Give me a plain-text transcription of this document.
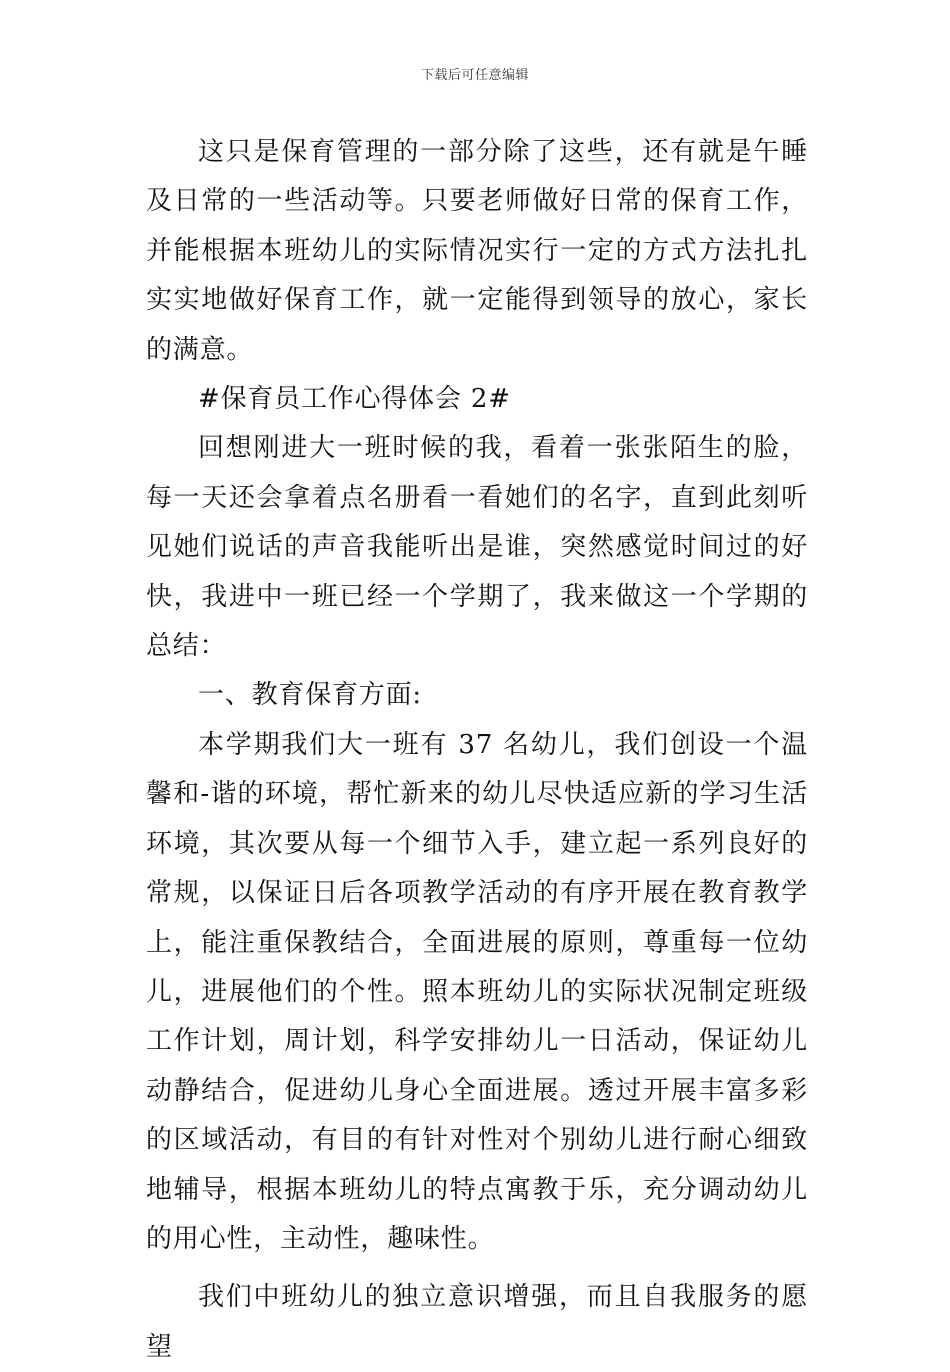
下载后可任意编辑

这只是保育管理的一部分除了这些，还有就是午睡及日常的一些活动等。只要老师做好日常的保育工作，并能根据本班幼儿的实际情况实行一定的方式方法扎扎实实地做好保育工作，就一定能得到领导的放心，家长的满意。

#保育员工作心得体会 2#

回想刚进大一班时候的我，看着一张张陌生的脸，每一天还会拿着点名册看一看她们的名字，直到此刻听见她们说话的声音我能听出是谁，突然感觉时间过的好快，我进中一班已经一个学期了，我来做这一个学期的总结：

一、教育保育方面:

本学期我们大一班有 37 名幼儿，我们创设一个温馨和-谐的环境，帮忙新来的幼儿尽快适应新的学习生活环境，其次要从每一个细节入手，建立起一系列良好的常规，以保证日后各项教学活动的有序开展在教育教学上，能注重保教结合，全面进展的原则，尊重每一位幼儿，进展他们的个性。照本班幼儿的实际状况制定班级工作计划，周计划，科学安排幼儿一日活动，保证幼儿动静结合，促进幼儿身心全面进展。透过开展丰富多彩的区域活动，有目的有针对性对个别幼儿进行耐心细致地辅导，根据本班幼儿的特点寓教于乐，充分调动幼儿的用心性，主动性，趣味性。

我们中班幼儿的独立意识增强，而且自我服务的愿望
